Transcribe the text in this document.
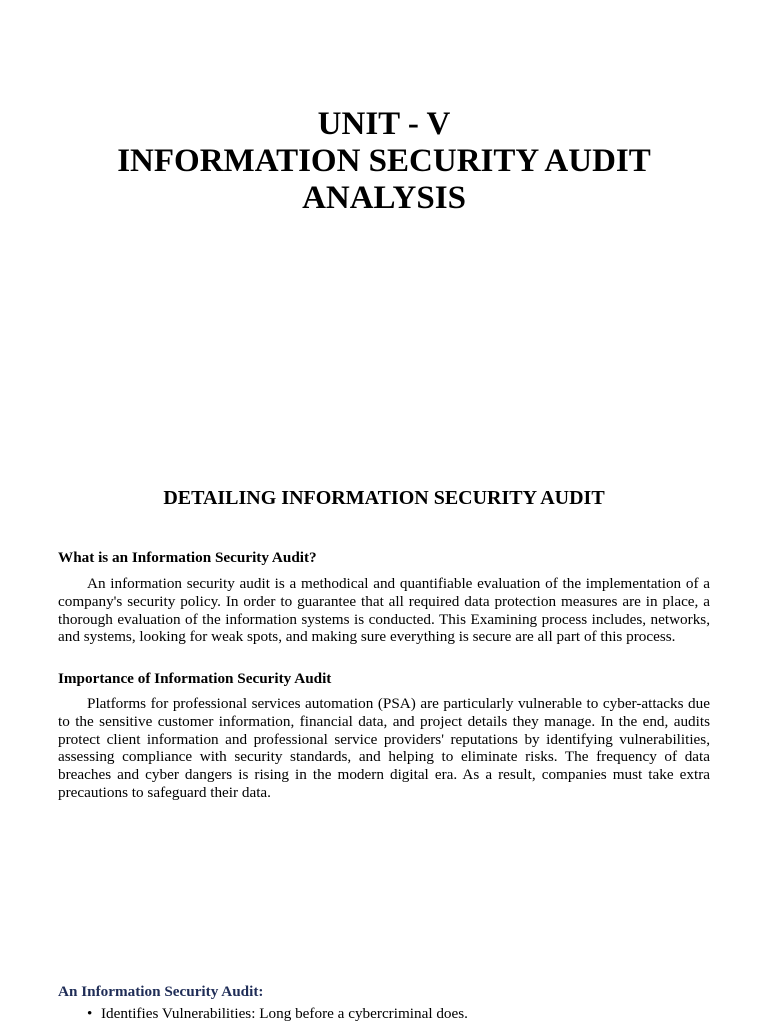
UNIT - V
INFORMATION SECURITY AUDIT
ANALYSIS
DETAILING INFORMATION SECURITY AUDIT
What is an Information Security Audit?
An information security audit is a methodical and quantifiable evaluation of the implementation of a company's security policy. In order to guarantee that all required data protection measures are in place, a thorough evaluation of the information systems is conducted. This Examining process includes, networks, and systems, looking for weak spots, and making sure everything is secure are all part of this process.
Importance of Information Security Audit
Platforms for professional services automation (PSA) are particularly vulnerable to cyber-attacks due to the sensitive customer information, financial data, and project details they manage. In the end, audits protect client information and professional service providers' reputations by identifying vulnerabilities, assessing compliance with security standards, and helping to eliminate risks. The frequency of data breaches and cyber dangers is rising in the modern digital era. As a result, companies must take extra precautions to safeguard their data.
An Information Security Audit:
• Identifies Vulnerabilities: Long before a cybercriminal does.
